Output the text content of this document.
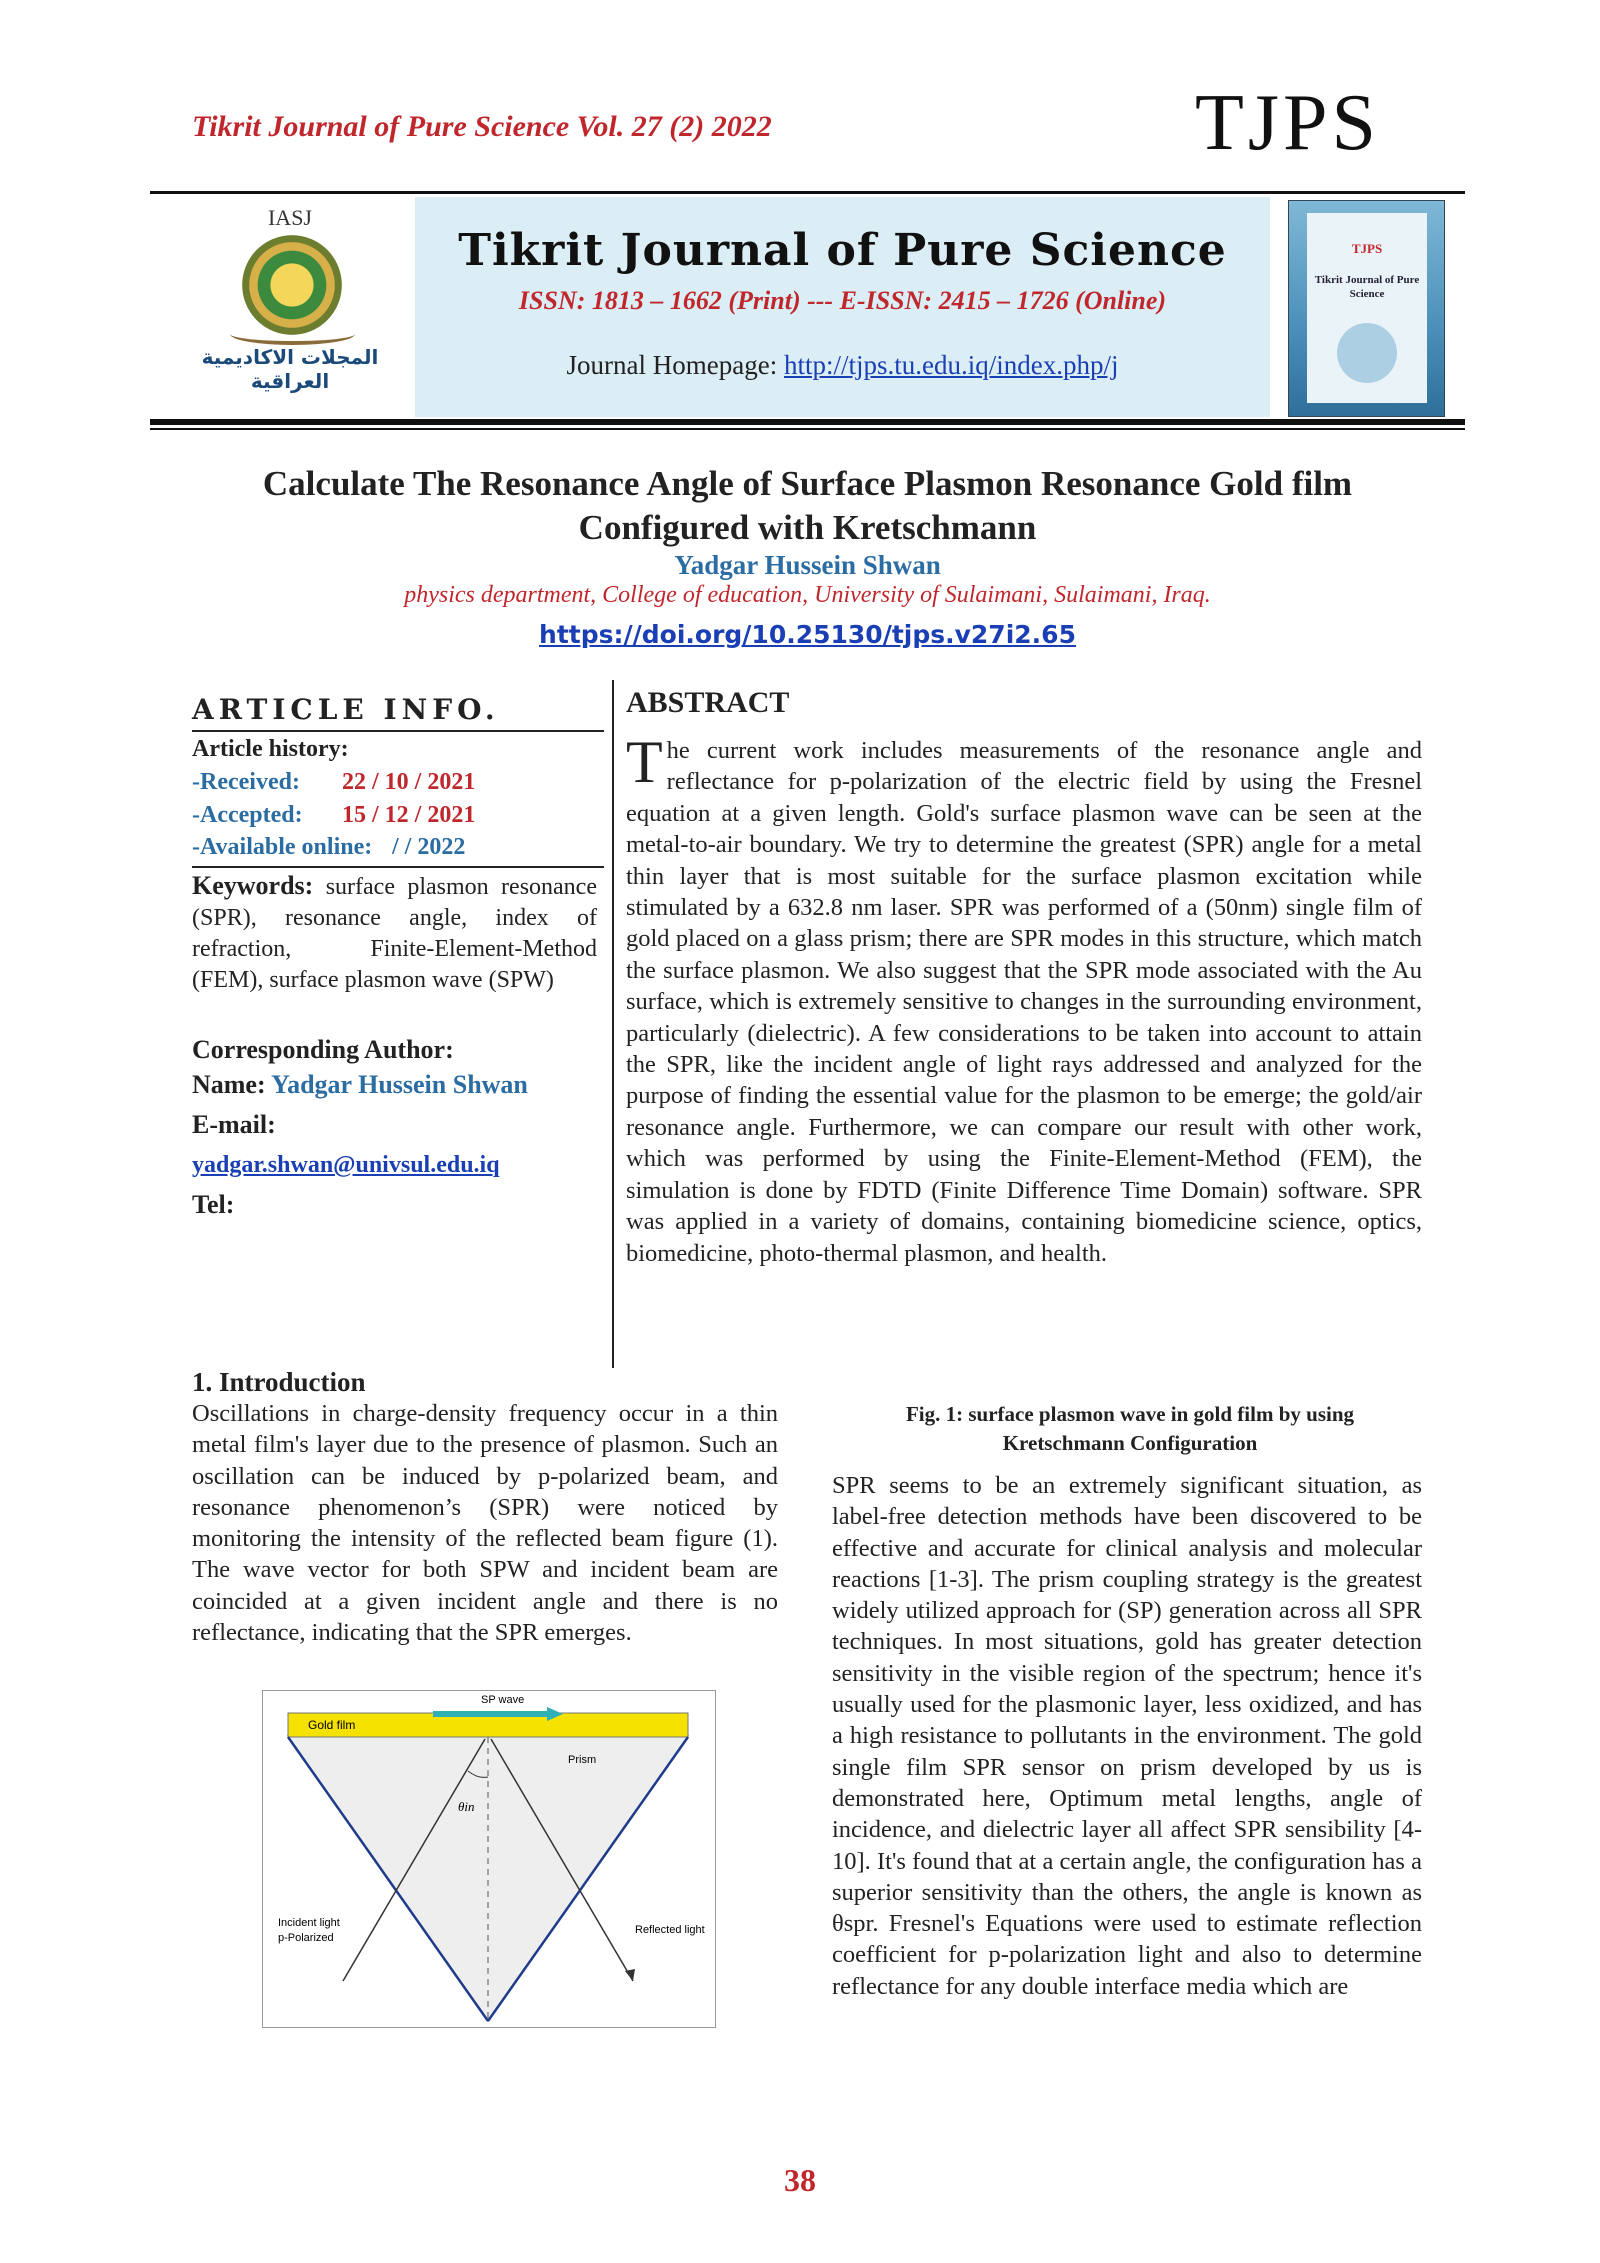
Tikrit Journal of Pure Science Vol. 27 (2) 2022	TJPS
IASJ
المجلات الاكاديمية العراقية
Tikrit Journal of Pure Science
ISSN: 1813 – 1662 (Print) --- E-ISSN: 2415 – 1726 (Online)
Journal Homepage: http://tjps.tu.edu.iq/index.php/j
TJPS
Tikrit Journal of Pure Science
Calculate The Resonance Angle of Surface Plasmon Resonance Gold film
Configured with Kretschmann
Yadgar Hussein Shwan
physics department, College of education, University of Sulaimani, Sulaimani, Iraq.
https://doi.org/10.25130/tjps.v27i2.65
ARTICLE INFO.
Article history:
-Received: 22 / 10 / 2021
-Accepted: 15 / 12 / 2021
-Available online: / / 2022
Keywords: surface plasmon resonance (SPR), resonance angle, index of refraction, Finite-Element-Method (FEM), surface plasmon wave (SPW)
Corresponding Author:
Name: Yadgar Hussein Shwan
E-mail:
yadgar.shwan@univsul.edu.iq
Tel:
ABSTRACT
The current work includes measurements of the resonance angle and reflectance for p-polarization of the electric field by using the Fresnel equation at a given length. Gold's surface plasmon wave can be seen at the metal-to-air boundary. We try to determine the greatest (SPR) angle for a metal thin layer that is most suitable for the surface plasmon excitation while stimulated by a 632.8 nm laser. SPR was performed of a (50nm) single film of gold placed on a glass prism; there are SPR modes in this structure, which match the surface plasmon. We also suggest that the SPR mode associated with the Au surface, which is extremely sensitive to changes in the surrounding environment, particularly (dielectric). A few considerations to be taken into account to attain the SPR, like the incident angle of light rays addressed and analyzed for the purpose of finding the essential value for the plasmon to be emerge; the gold/air resonance angle. Furthermore, we can compare our result with other work, which was performed by using the Finite-Element-Method (FEM), the simulation is done by FDTD (Finite Difference Time Domain) software. SPR was applied in a variety of domains, containing biomedicine science, optics, biomedicine, photo-thermal plasmon, and health.
1. Introduction
Oscillations in charge-density frequency occur in a thin metal film's layer due to the presence of plasmon. Such an oscillation can be induced by p-polarized beam, and resonance phenomenon’s (SPR) were noticed by monitoring the intensity of the reflected beam figure (1). The wave vector for both SPW and incident beam are coincided at a given incident angle and there is no reflectance, indicating that the SPR emerges.
Fig. 1: surface plasmon wave in gold film by using
Kretschmann Configuration
SPR seems to be an extremely significant situation, as label-free detection methods have been discovered to be effective and accurate for clinical analysis and molecular reactions [1-3]. The prism coupling strategy is the greatest widely utilized approach for (SP) generation across all SPR techniques. In most situations, gold has greater detection sensitivity in the visible region of the spectrum; hence it's usually used for the plasmonic layer, less oxidized, and has a high resistance to pollutants in the environment. The gold single film SPR sensor on prism developed by us is demonstrated here, Optimum metal lengths, angle of incidence, and dielectric layer all affect SPR sensibility [4-10]. It's found that at a certain angle, the configuration has a superior sensitivity than the others, the angle is known as θspr. Fresnel's Equations were used to estimate reflection coefficient for p-polarization light and also to determine reflectance for any double interface media which are
SP wave
Gold film
Prism
θin
Incident light
p-Polarized
Reflected light
38
